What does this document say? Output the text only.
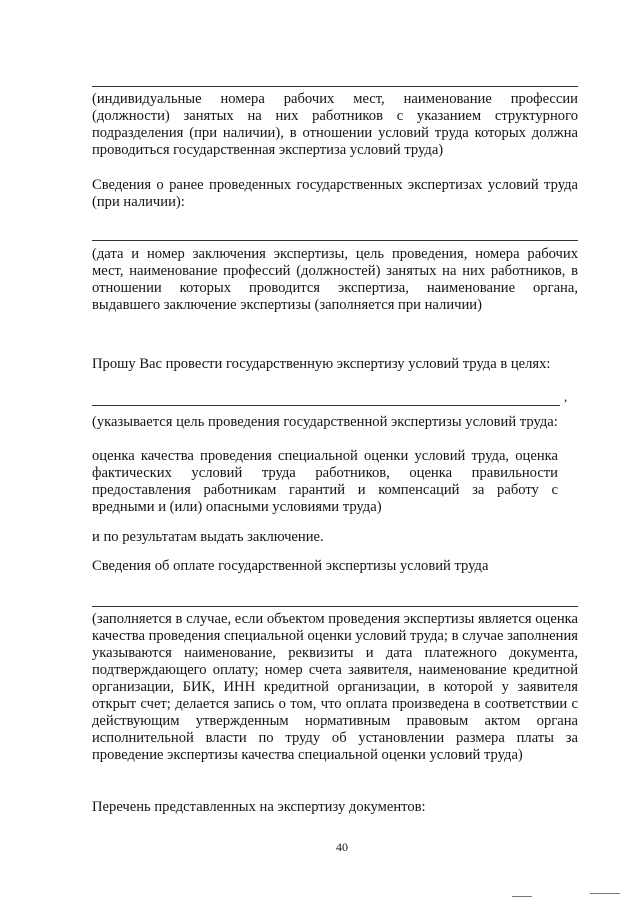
(индивидуальные номера рабочих мест, наименование профессии (должности) занятых на них работников с указанием структурного подразделения (при наличии), в отношении условий труда которых должна проводиться государственная экспертиза условий труда)

Сведения о ранее проведенных государственных экспертизах условий труда (при наличии):

(дата и номер заключения экспертизы, цель проведения, номера рабочих мест, наименование профессий (должностей) занятых на них работников, в отношении которых проводится экспертиза, наименование органа, выдавшего заключение экспертизы (заполняется при наличии)

Прошу Вас провести государственную экспертизу условий труда в целях:

,

(указывается цель проведения государственной экспертизы условий труда:

оценка качества проведения специальной оценки условий труда, оценка фактических условий труда работников, оценка правильности предоставления работникам гарантий и компенсаций за работу с вредными и (или) опасными условиями труда)

и по результатам выдать заключение.

Сведения об оплате государственной экспертизы условий труда

(заполняется в случае, если объектом проведения экспертизы является оценка качества проведения специальной оценки условий труда; в случае заполнения указываются наименование, реквизиты и дата платежного документа, подтверждающего оплату; номер счета заявителя, наименование кредитной организации, БИК, ИНН кредитной организации, в которой у заявителя открыт счет; делается запись о том, что оплата произведена в соответствии с действующим утвержденным нормативным правовым актом органа исполнительной власти по труду об установлении размера платы за проведение экспертизы качества специальной оценки условий труда)

Перечень представленных на экспертизу документов:

40
